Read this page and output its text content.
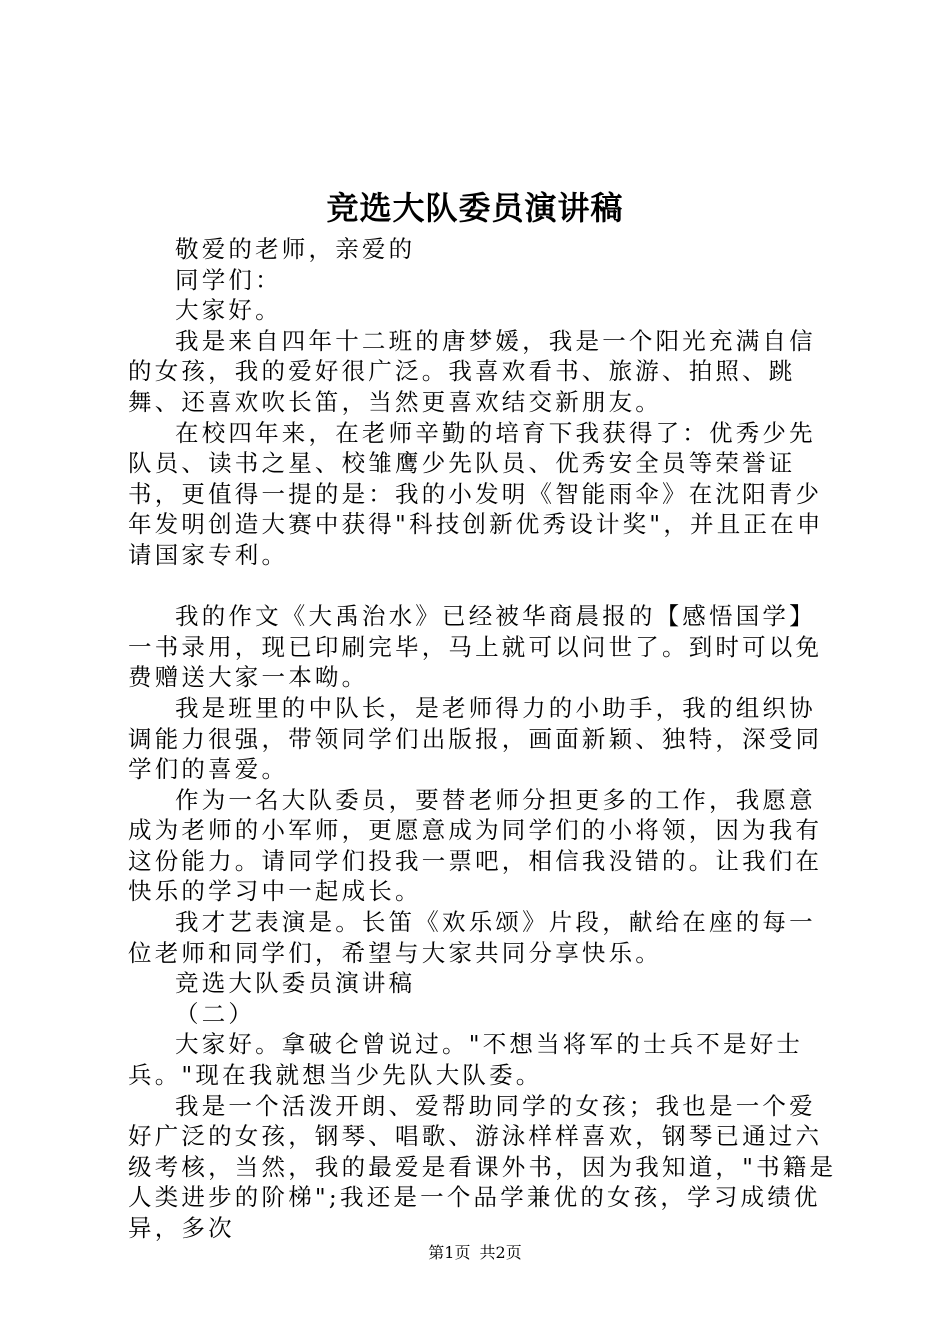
竞选大队委员演讲稿

敬爱的老师，亲爱的

同学们：

大家好。

我是来自四年十二班的唐梦媛，我是一个阳光充满自信的女孩，我的爱好很广泛。我喜欢看书、旅游、拍照、跳舞、还喜欢吹长笛，当然更喜欢结交新朋友。

在校四年来，在老师辛勤的培育下我获得了：优秀少先队员、读书之星、校雏鹰少先队员、优秀安全员等荣誉证书，更值得一提的是：我的小发明《智能雨伞》在沈阳青少年发明创造大赛中获得"科技创新优秀设计奖"，并且正在申请国家专利。

我的作文《大禹治水》已经被华商晨报的【感悟国学】一书录用，现已印刷完毕，马上就可以问世了。到时可以免费赠送大家一本呦。

我是班里的中队长，是老师得力的小助手，我的组织协调能力很强，带领同学们出版报，画面新颖、独特，深受同学们的喜爱。

作为一名大队委员，要替老师分担更多的工作，我愿意成为老师的小军师，更愿意成为同学们的小将领，因为我有这份能力。请同学们投我一票吧，相信我没错的。让我们在快乐的学习中一起成长。

我才艺表演是。长笛《欢乐颂》片段，献给在座的每一位老师和同学们，希望与大家共同分享快乐。

竞选大队委员演讲稿

（二）

大家好。拿破仑曾说过。"不想当将军的士兵不是好士兵。"现在我就想当少先队大队委。

我是一个活泼开朗、爱帮助同学的女孩；我也是一个爱好广泛的女孩，钢琴、唱歌、游泳样样喜欢，钢琴已通过六级考核，当然，我的最爱是看课外书，因为我知道，"书籍是人类进步的阶梯";我还是一个品学兼优的女孩，学习成绩优异，多次

第1页 共2页
